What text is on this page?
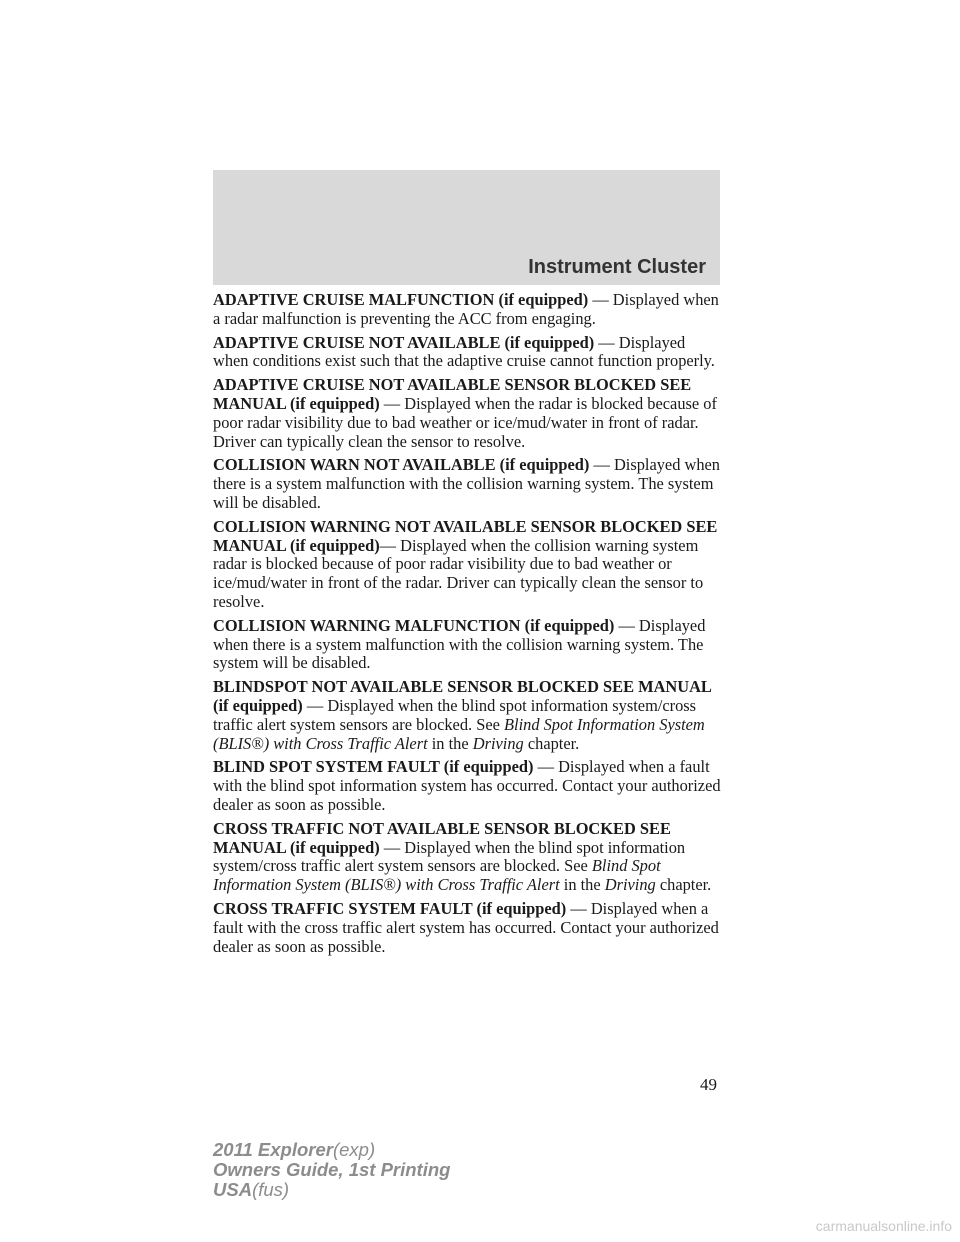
Instrument Cluster

ADAPTIVE CRUISE MALFUNCTION (if equipped) — Displayed when a radar malfunction is preventing the ACC from engaging.

ADAPTIVE CRUISE NOT AVAILABLE (if equipped) — Displayed when conditions exist such that the adaptive cruise cannot function properly.

ADAPTIVE CRUISE NOT AVAILABLE SENSOR BLOCKED SEE MANUAL (if equipped) — Displayed when the radar is blocked because of poor radar visibility due to bad weather or ice/mud/water in front of radar. Driver can typically clean the sensor to resolve.

COLLISION WARN NOT AVAILABLE (if equipped) — Displayed when there is a system malfunction with the collision warning system. The system will be disabled.

COLLISION WARNING NOT AVAILABLE SENSOR BLOCKED SEE MANUAL (if equipped)— Displayed when the collision warning system radar is blocked because of poor radar visibility due to bad weather or ice/mud/water in front of the radar. Driver can typically clean the sensor to resolve.

COLLISION WARNING MALFUNCTION (if equipped) — Displayed when there is a system malfunction with the collision warning system. The system will be disabled.

BLINDSPOT NOT AVAILABLE SENSOR BLOCKED SEE MANUAL (if equipped) — Displayed when the blind spot information system/cross traffic alert system sensors are blocked. See Blind Spot Information System (BLIS®) with Cross Traffic Alert in the Driving chapter.

BLIND SPOT SYSTEM FAULT (if equipped) — Displayed when a fault with the blind spot information system has occurred. Contact your authorized dealer as soon as possible.

CROSS TRAFFIC NOT AVAILABLE SENSOR BLOCKED SEE MANUAL (if equipped) — Displayed when the blind spot information system/cross traffic alert system sensors are blocked. See Blind Spot Information System (BLIS®) with Cross Traffic Alert in the Driving chapter.

CROSS TRAFFIC SYSTEM FAULT (if equipped) — Displayed when a fault with the cross traffic alert system has occurred. Contact your authorized dealer as soon as possible.

49
2011 Explorer(exp)
Owners Guide, 1st Printing
USA(fus)
carmanualsonline.info
